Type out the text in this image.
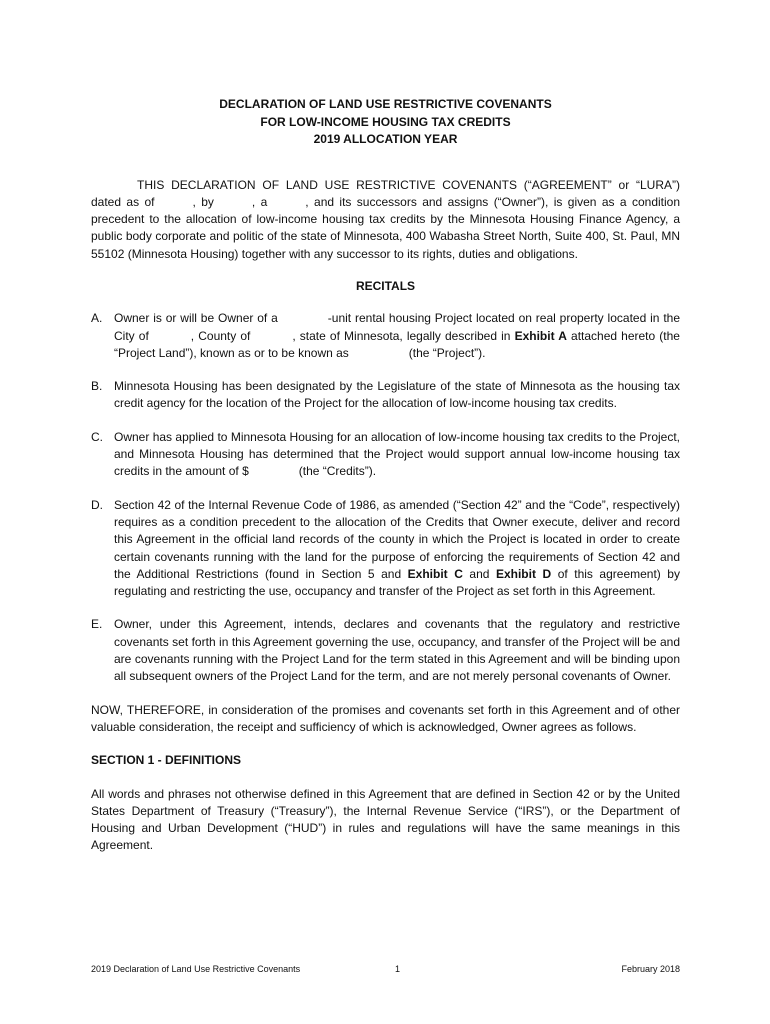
DECLARATION OF LAND USE RESTRICTIVE COVENANTS
FOR LOW-INCOME HOUSING TAX CREDITS
2019 ALLOCATION YEAR

THIS DECLARATION OF LAND USE RESTRICTIVE COVENANTS (“AGREEMENT” or “LURA”) dated as of	, by	, a	, and its successors and assigns (“Owner”), is given as a condition precedent to the allocation of low-income housing tax credits by the Minnesota Housing Finance Agency, a public body corporate and politic of the state of Minnesota, 400 Wabasha Street North, Suite 400, St. Paul, MN 55102 (Minnesota Housing) together with any successor to its rights, duties and obligations.

RECITALS
A. Owner is or will be Owner of a	-unit rental housing Project located on real property located in the City of	, County of	, state of Minnesota, legally described in Exhibit A attached hereto (the “Project Land”), known as or to be known as	(the “Project”).
B. Minnesota Housing has been designated by the Legislature of the state of Minnesota as the housing tax credit agency for the location of the Project for the allocation of low-income housing tax credits.
C. Owner has applied to Minnesota Housing for an allocation of low-income housing tax credits to the Project, and Minnesota Housing has determined that the Project would support annual low-income housing tax credits in the amount of $	(the “Credits”).
D. Section 42 of the Internal Revenue Code of 1986, as amended (“Section 42” and the “Code”, respectively) requires as a condition precedent to the allocation of the Credits that Owner execute, deliver and record this Agreement in the official land records of the county in which the Project is located in order to create certain covenants running with the land for the purpose of enforcing the requirements of Section 42 and the Additional Restrictions (found in Section 5 and Exhibit C and Exhibit D of this agreement) by regulating and restricting the use, occupancy and transfer of the Project as set forth in this Agreement.
E. Owner, under this Agreement, intends, declares and covenants that the regulatory and restrictive covenants set forth in this Agreement governing the use, occupancy, and transfer of the Project will be and are covenants running with the Project Land for the term stated in this Agreement and will be binding upon all subsequent owners of the Project Land for the term, and are not merely personal covenants of Owner.

NOW, THEREFORE, in consideration of the promises and covenants set forth in this Agreement and of other valuable consideration, the receipt and sufficiency of which is acknowledged, Owner agrees as follows.

SECTION 1 - DEFINITIONS

All words and phrases not otherwise defined in this Agreement that are defined in Section 42 or by the United States Department of Treasury (“Treasury”), the Internal Revenue Service (“IRS”), or the Department of Housing and Urban Development (“HUD”) in rules and regulations will have the same meanings in this Agreement.

2019 Declaration of Land Use Restrictive Covenants	1	February 2018
